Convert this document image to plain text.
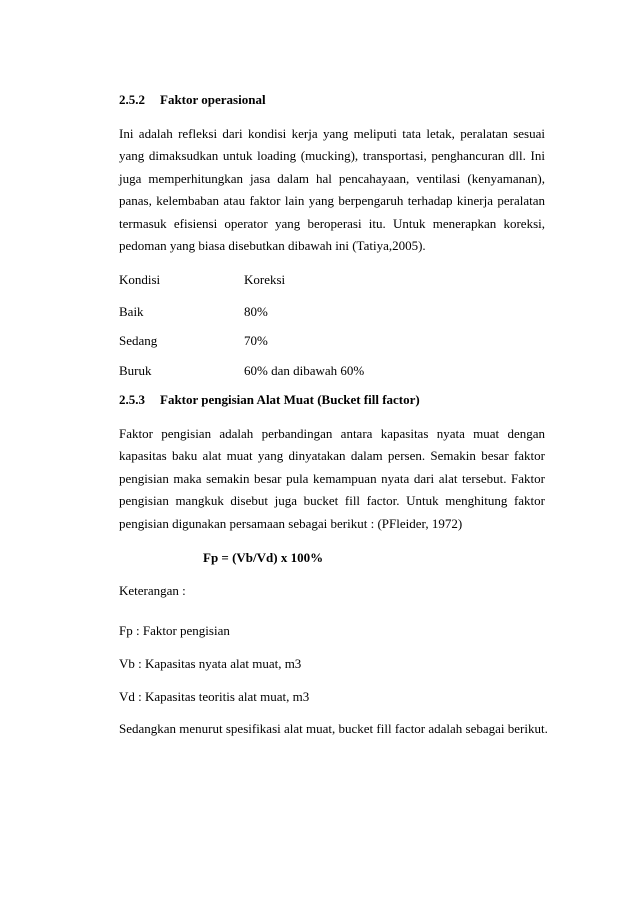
2.5.2 Faktor operasional
Ini adalah refleksi dari kondisi kerja yang meliputi tata letak, peralatan sesuai
yang dimaksudkan untuk loading (mucking), transportasi, penghancuran dll. Ini
juga memperhitungkan jasa dalam hal pencahayaan, ventilasi (kenyamanan),
panas, kelembaban atau faktor lain yang berpengaruh terhadap kinerja peralatan
termasuk efisiensi operator yang beroperasi itu. Untuk menerapkan koreksi,
pedoman yang biasa disebutkan dibawah ini (Tatiya,2005).
Kondisi	Koreksi
Baik	80%
Sedang	70%
Buruk	60% dan dibawah 60%
2.5.3 Faktor pengisian Alat Muat (Bucket fill factor)
Faktor pengisian adalah perbandingan antara kapasitas nyata muat dengan
kapasitas baku alat muat yang dinyatakan dalam persen. Semakin besar faktor
pengisian maka semakin besar pula kemampuan nyata dari alat tersebut. Faktor
pengisian mangkuk disebut juga bucket fill factor. Untuk menghitung faktor
pengisian digunakan persamaan sebagai berikut : (PFleider, 1972)
Fp = (Vb/Vd) x 100%
Keterangan :
Fp : Faktor pengisian
Vb : Kapasitas nyata alat muat, m3
Vd : Kapasitas teoritis alat muat, m3
Sedangkan menurut spesifikasi alat muat, bucket fill factor adalah sebagai berikut.
